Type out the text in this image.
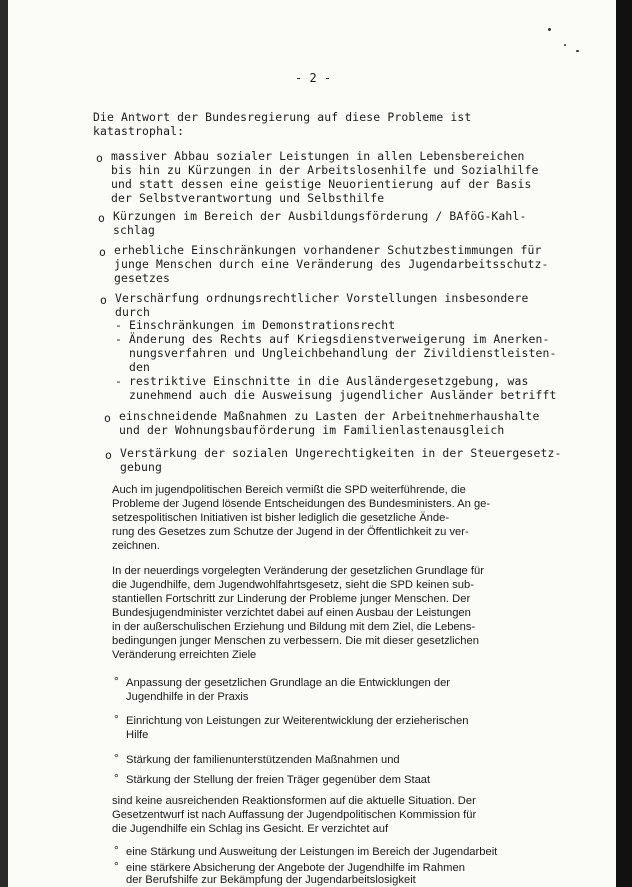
- 2 -
Die Antwort der Bundesregierung auf diese Probleme ist
katastrophal:
o massiver Abbau sozialer Leistungen in allen Lebensbereichen
bis hin zu Kürzungen in der Arbeitslosenhilfe und Sozialhilfe
und statt dessen eine geistige Neuorientierung auf der Basis
der Selbstverantwortung und Selbsthilfe
o Kürzungen im Bereich der Ausbildungsförderung / BAföG-Kahl-
schlag
o erhebliche Einschränkungen vorhandener Schutzbestimmungen für
junge Menschen durch eine Veränderung des Jugendarbeitsschutz-
gesetzes
o Verschärfung ordnungsrechtlicher Vorstellungen insbesondere
durch
- Einschränkungen im Demonstrationsrecht
- Änderung des Rechts auf Kriegsdienstverweigerung im Anerken-
nungsverfahren und Ungleichbehandlung der Zivildienstleisten-
den
- restriktive Einschnitte in die Ausländergesetzgebung, was
zunehmend auch die Ausweisung jugendlicher Ausländer betrifft
o einschneidende Maßnahmen zu Lasten der Arbeitnehmerhaushalte
und der Wohnungsbauförderung im Familienlastenausgleich
o Verstärkung der sozialen Ungerechtigkeiten in der Steuergesetz-
gebung
Auch im jugendpolitischen Bereich vermißt die SPD weiterführende, die
Probleme der Jugend lösende Entscheidungen des Bundesministers. An ge-
setzespolitischen Initiativen ist bisher lediglich die gesetzliche Ände-
rung des Gesetzes zum Schutze der Jugend in der Öffentlichkeit zu ver-
zeichnen.
In der neuerdings vorgelegten Veränderung der gesetzlichen Grundlage für
die Jugendhilfe, dem Jugendwohlfahrtsgesetz, sieht die SPD keinen sub-
stantiellen Fortschritt zur Linderung der Probleme junger Menschen. Der
Bundesjugendminister verzichtet dabei auf einen Ausbau der Leistungen
in der außerschulischen Erziehung und Bildung mit dem Ziel, die Lebens-
bedingungen junger Menschen zu verbessern. Die mit dieser gesetzlichen
Veränderung erreichten Ziele
° Anpassung der gesetzlichen Grundlage an die Entwicklungen der
Jugendhilfe in der Praxis
° Einrichtung von Leistungen zur Weiterentwicklung der erzieherischen
Hilfe
° Stärkung der familienunterstützenden Maßnahmen und
° Stärkung der Stellung der freien Träger gegenüber dem Staat
sind keine ausreichenden Reaktionsformen auf die aktuelle Situation. Der
Gesetzentwurf ist nach Auffassung der Jugendpolitischen Kommission für
die Jugendhilfe ein Schlag ins Gesicht. Er verzichtet auf
° eine Stärkung und Ausweitung der Leistungen im Bereich der Jugendarbeit
° eine stärkere Absicherung der Angebote der Jugendhilfe im Rahmen
der Berufshilfe zur Bekämpfung der Jugendarbeitslosigkeit
